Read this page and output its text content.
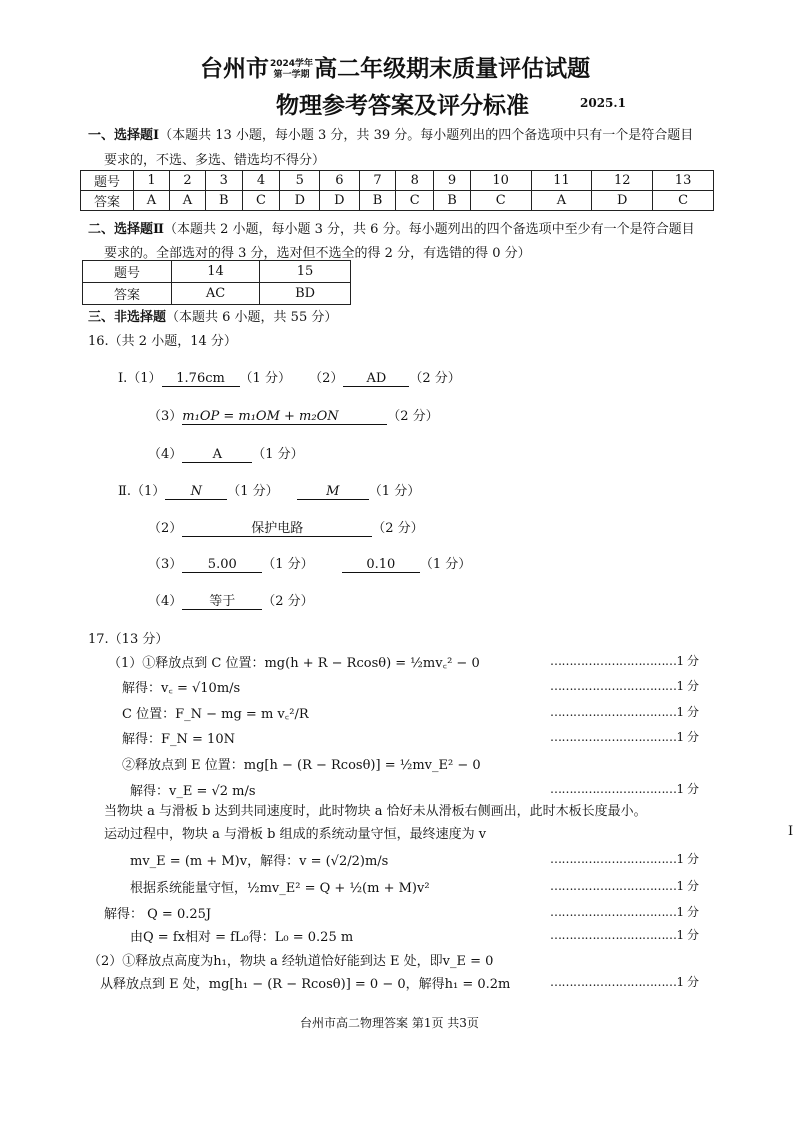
台州市2024学年
第一学期 高二年级期末质量评估试题
物理参考答案及评分标准	2025.1
一、选择题Ⅰ（本题共 13 小题，每小题 3 分，共 39 分。每小题列出的四个备选项中只有一个是符合题目
要求的，不选、多选、错选均不得分）
题号	1	2	3	4	5	6	7	8	9	10	11	12	13
答案	A	A	B	C	D	D	B	C	B	C	A	D	C
二、选择题Ⅱ（本题共 2 小题，每小题 3 分，共 6 分。每小题列出的四个备选项中至少有一个是符合题目
要求的。全部选对的得 3 分，选对但不选全的得 2 分，有选错的得 0 分）
题号	14	15
答案	AC	BD
三、非选择题（本题共 6 小题，共 55 分）
16.（共 2 小题，14 分）
Ⅰ.（1） 1.76cm （1 分） （2） AD （2 分）
（3）m₁OP = m₁OM + m₂ON	（2 分）
（4） A （1 分）
Ⅱ.（1） N （1 分）	M （1 分）
（2）	保护电路	（2 分）
（3） 5.00 （1 分）	0.10 （1 分）
（4） 等于 （2 分）
17.（13 分）
（1）①释放点到 C 位置：mg(h + R − Rcosθ) = ½mv꜀² − 0	……………………………1 分
解得：v꜀ = √10m/s	……………………………1 分
C 位置：F_N − mg = m v꜀²/R	……………………………1 分
解得：F_N = 10N	……………………………1 分
②释放点到 E 位置：mg[h − (R − Rcosθ)] = ½mv_E² − 0
解得：v_E = √2 m/s	……………………………1 分
当物块 a 与滑板 b 达到共同速度时，此时物块 a 恰好未从滑板右侧画出，此时木板长度最小。
运动过程中，物块 a 与滑板 b 组成的系统动量守恒，最终速度为 v
mv_E = (m + M)v，解得：v = (√2/2)m/s	……………………………1 分
根据系统能量守恒，½mv_E² = Q + ½(m + M)v²	……………………………1 分
解得： Q = 0.25J	……………………………1 分
由Q = fx相对 = fL₀得：L₀ = 0.25 m	……………………………1 分
（2）①释放点高度为h₁，物块 a 经轨道恰好能到达 E 处，即v_E = 0
从释放点到 E 处，mg[h₁ − (R − Rcosθ)] = 0 − 0，解得h₁ = 0.2m	……………………………1 分
I
台州市高二物理答案 第1页 共3页
